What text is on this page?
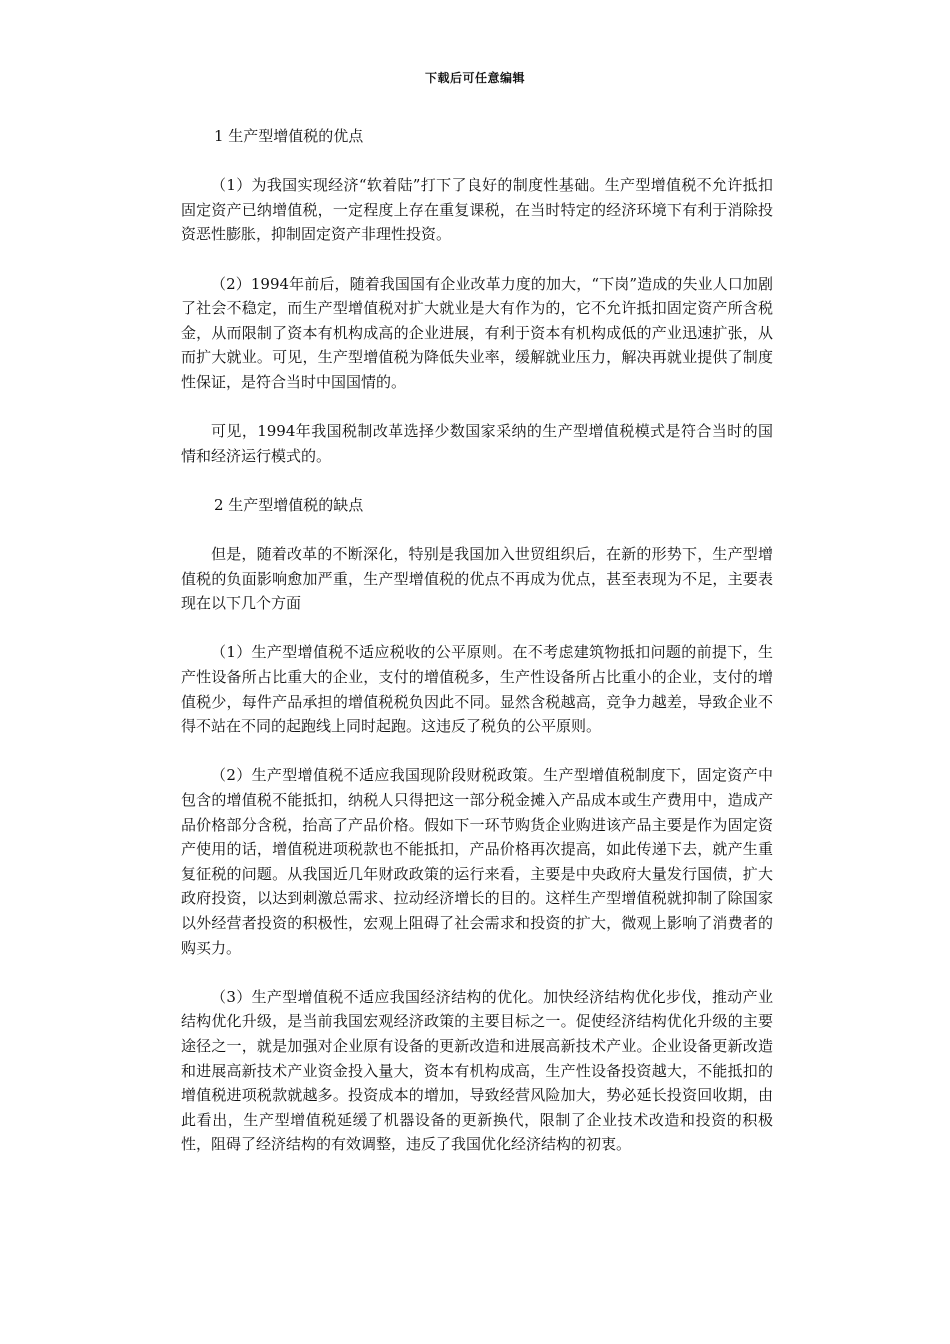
下载后可任意编辑

1 生产型增值税的优点

（1）为我国实现经济“软着陆”打下了良好的制度性基础。生产型增值税不允许抵扣固定资产已纳增值税，一定程度上存在重复课税，在当时特定的经济环境下有利于消除投资恶性膨胀，抑制固定资产非理性投资。

（2）1994年前后，随着我国国有企业改革力度的加大，“下岗”造成的失业人口加剧了社会不稳定，而生产型增值税对扩大就业是大有作为的，它不允许抵扣固定资产所含税金，从而限制了资本有机构成高的企业进展，有利于资本有机构成低的产业迅速扩张，从而扩大就业。可见，生产型增值税为降低失业率，缓解就业压力，解决再就业提供了制度性保证，是符合当时中国国情的。

可见，1994年我国税制改革选择少数国家采纳的生产型增值税模式是符合当时的国情和经济运行模式的。

2 生产型增值税的缺点

但是，随着改革的不断深化，特别是我国加入世贸组织后，在新的形势下，生产型增值税的负面影响愈加严重，生产型增值税的优点不再成为优点，甚至表现为不足，主要表现在以下几个方面

（1）生产型增值税不适应税收的公平原则。在不考虑建筑物抵扣问题的前提下，生产性设备所占比重大的企业，支付的增值税多，生产性设备所占比重小的企业，支付的增值税少，每件产品承担的增值税税负因此不同。显然含税越高，竞争力越差，导致企业不得不站在不同的起跑线上同时起跑。这违反了税负的公平原则。

（2）生产型增值税不适应我国现阶段财税政策。生产型增值税制度下，固定资产中包含的增值税不能抵扣，纳税人只得把这一部分税金摊入产品成本或生产费用中，造成产品价格部分含税，抬高了产品价格。假如下一环节购货企业购进该产品主要是作为固定资产使用的话，增值税进项税款也不能抵扣，产品价格再次提高，如此传递下去，就产生重复征税的问题。从我国近几年财政政策的运行来看，主要是中央政府大量发行国债，扩大政府投资，以达到刺激总需求、拉动经济增长的目的。这样生产型增值税就抑制了除国家以外经营者投资的积极性，宏观上阻碍了社会需求和投资的扩大，微观上影响了消费者的购买力。

（3）生产型增值税不适应我国经济结构的优化。加快经济结构优化步伐，推动产业结构优化升级，是当前我国宏观经济政策的主要目标之一。促使经济结构优化升级的主要途径之一，就是加强对企业原有设备的更新改造和进展高新技术产业。企业设备更新改造和进展高新技术产业资金投入量大，资本有机构成高，生产性设备投资越大，不能抵扣的增值税进项税款就越多。投资成本的增加，导致经营风险加大，势必延长投资回收期，由此看出，生产型增值税延缓了机器设备的更新换代，限制了企业技术改造和投资的积极性，阻碍了经济结构的有效调整，违反了我国优化经济结构的初衷。
